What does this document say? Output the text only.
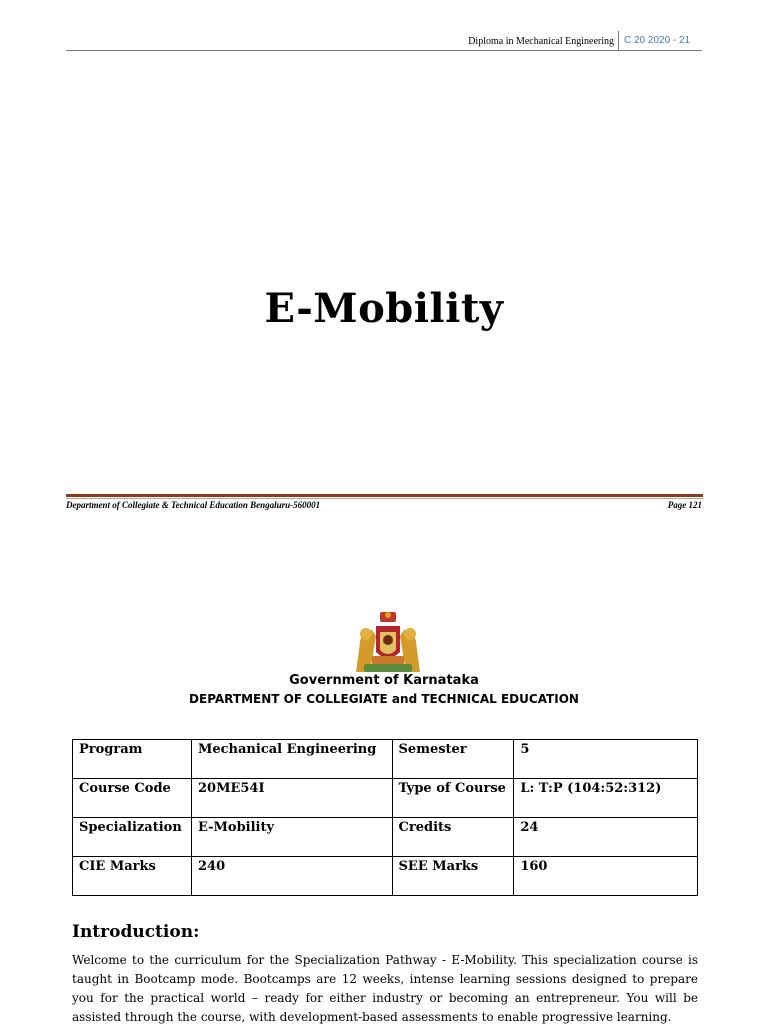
Diploma in Mechanical Engineering C 20 2020 - 21
E-Mobility
Department of Collegiate & Technical Education Bengaluru-560001	Page 121
Government of Karnataka
DEPARTMENT OF COLLEGIATE and TECHNICAL EDUCATION
Program	Mechanical Engineering	Semester	5
Course Code	20ME54I	Type of Course	L: T:P (104:52:312)
Specialization	E-Mobility	Credits	24
CIE Marks	240	SEE Marks	160
Introduction:
Welcome to the curriculum for the Specialization Pathway - E-Mobility. This specialization course is taught in Bootcamp mode. Bootcamps are 12 weeks, intense learning sessions designed to prepare you for the practical world – ready for either industry or becoming an entrepreneur. You will be assisted through the course, with development-based assessments to enable progressive learning.
